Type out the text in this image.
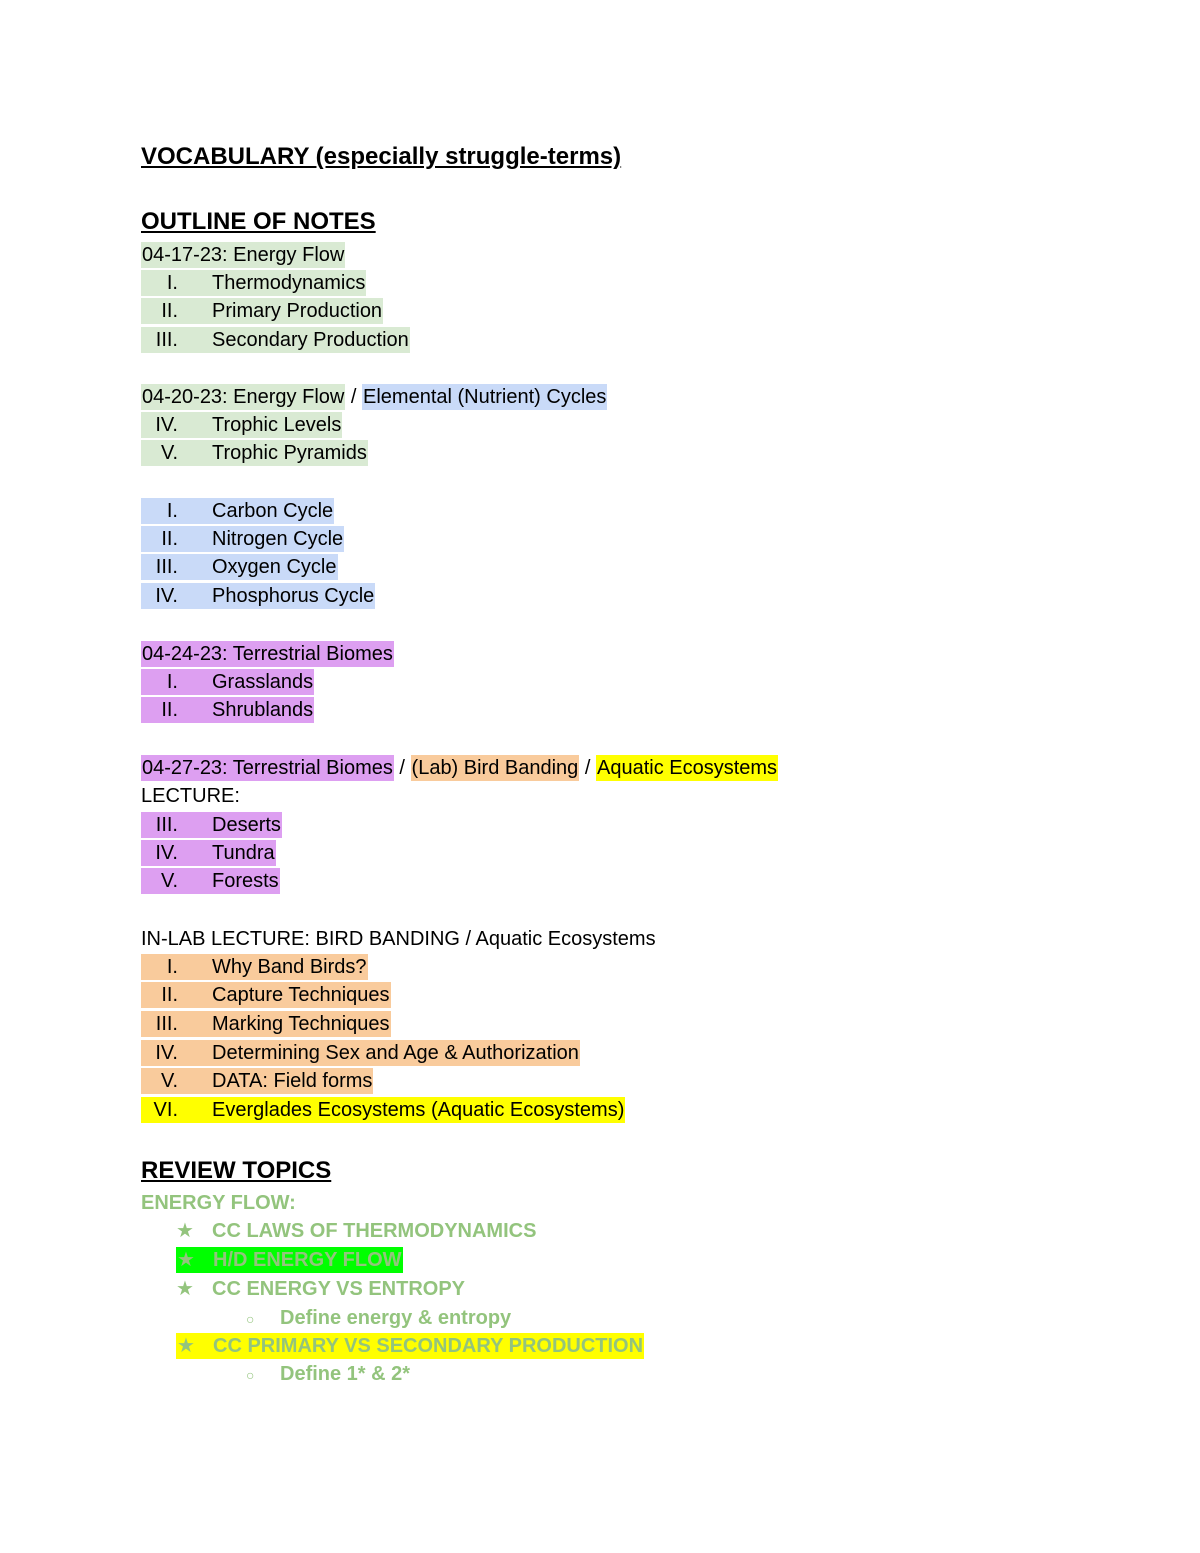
VOCABULARY (especially struggle-terms)
OUTLINE OF NOTES
04-17-23: Energy Flow
I. Thermodynamics
II. Primary Production
III. Secondary Production
04-20-23: Energy Flow / Elemental (Nutrient) Cycles
IV. Trophic Levels
V. Trophic Pyramids
I. Carbon Cycle
II. Nitrogen Cycle
III. Oxygen Cycle
IV. Phosphorus Cycle
04-24-23: Terrestrial Biomes
I. Grasslands
II. Shrublands
04-27-23: Terrestrial Biomes / (Lab) Bird Banding / Aquatic Ecosystems
LECTURE:
III. Deserts
IV. Tundra
V. Forests
IN-LAB LECTURE: BIRD BANDING / Aquatic Ecosystems
I. Why Band Birds?
II. Capture Techniques
III. Marking Techniques
IV. Determining Sex and Age & Authorization
V. DATA: Field forms
VI. Everglades Ecosystems (Aquatic Ecosystems)
REVIEW TOPICS
ENERGY FLOW:
★ CC LAWS OF THERMODYNAMICS
★ H/D ENERGY FLOW
★ CC ENERGY VS ENTROPY
○ Define energy & entropy
★ CC PRIMARY VS SECONDARY PRODUCTION
○ Define 1* & 2*
